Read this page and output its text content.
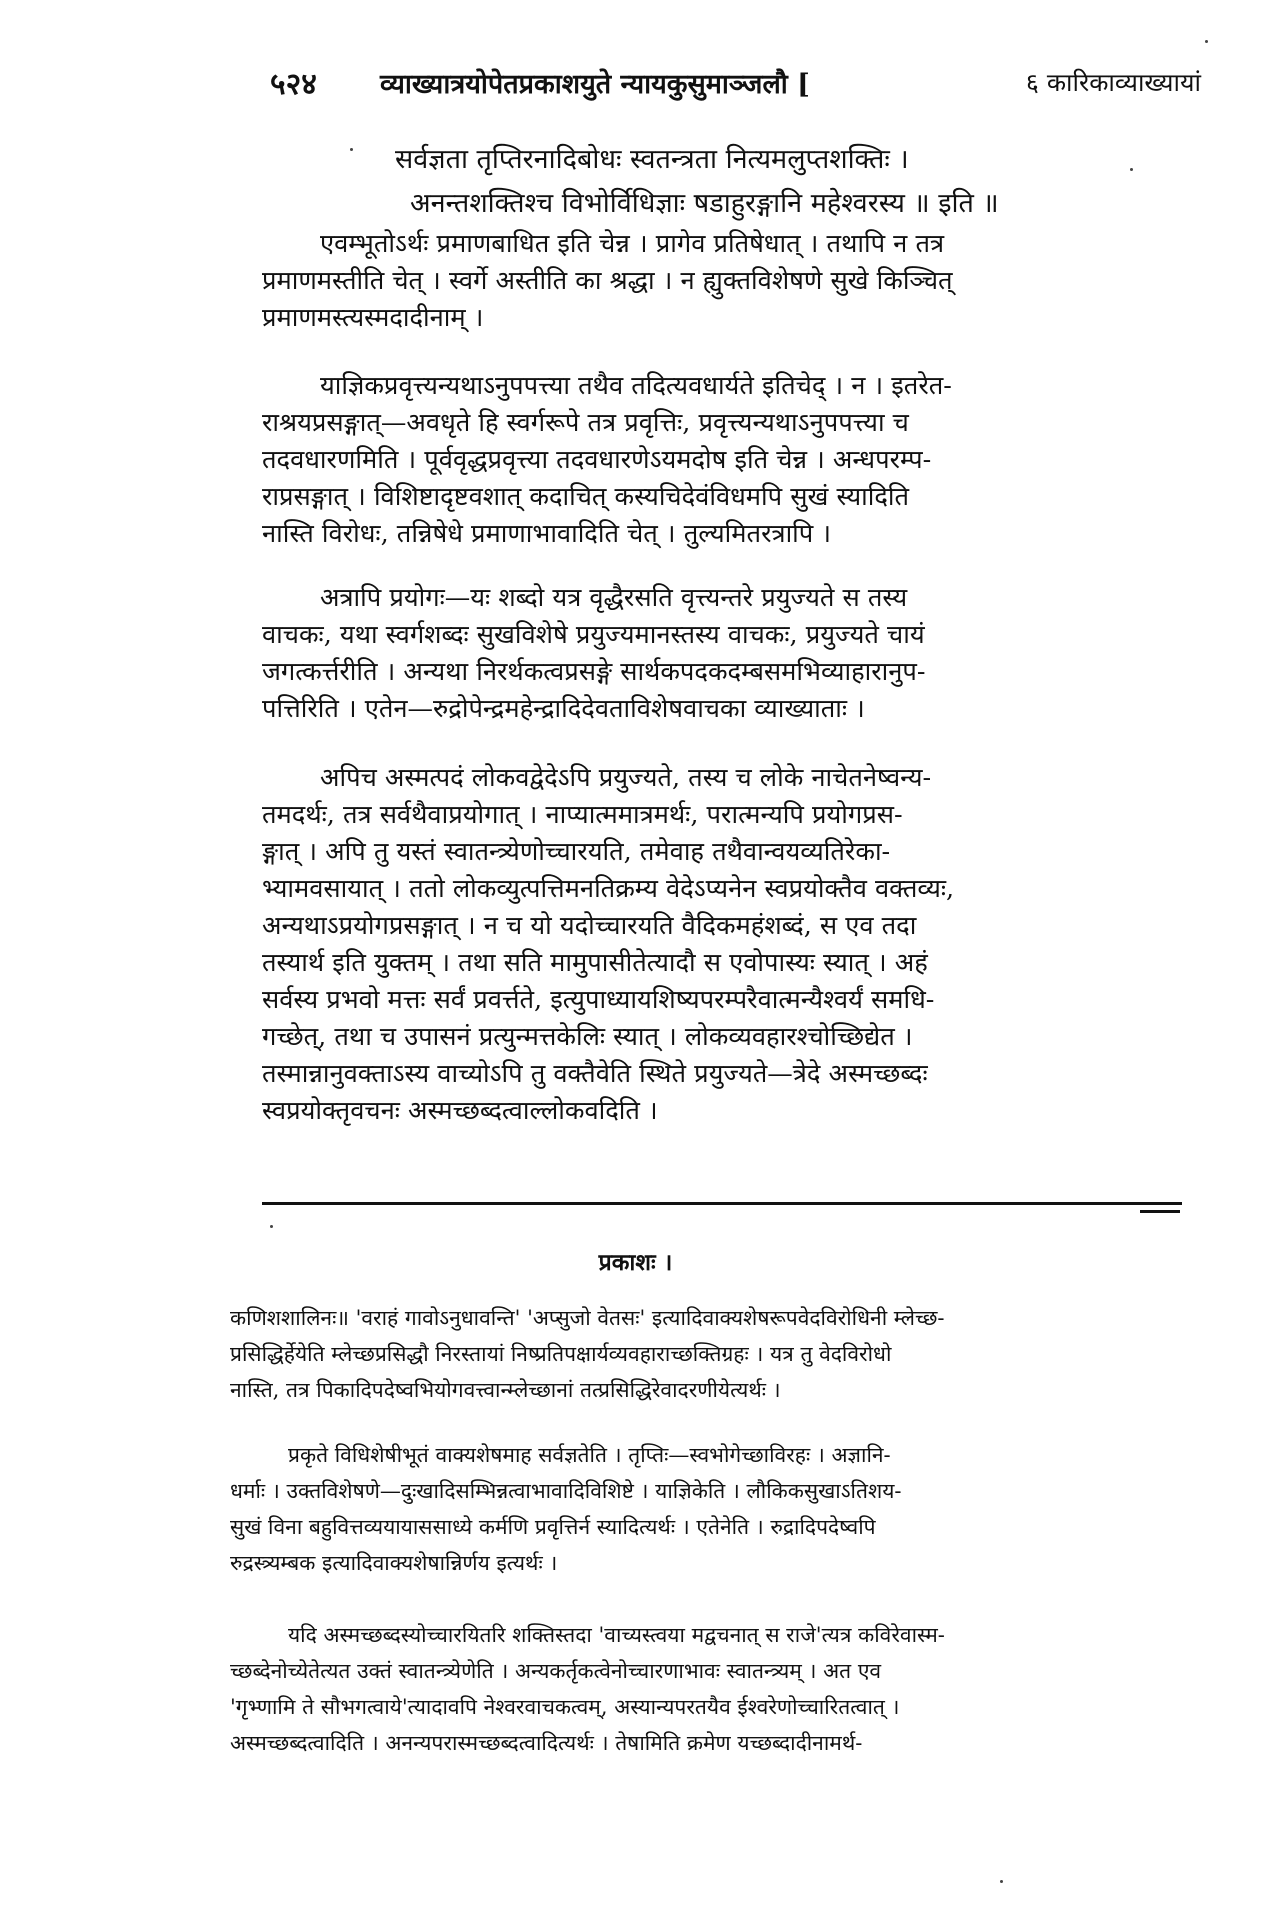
५२४	व्याख्यात्रयोपेतप्रकाशयुते न्यायकुसुमाञ्जलौ [	६ कारिकाव्याख्यायां
सर्वज्ञता तृप्तिरनादिबोधः स्वतन्त्रता नित्यमलुप्तशक्तिः ।
अनन्तशक्तिश्च विभोर्विधिज्ञाः षडाहुरङ्गानि महेश्वरस्य ॥ इति ॥
एवम्भूतोऽर्थः प्रमाणबाधित इति चेन्न । प्रागेव प्रतिषेधात् । तथापि न तत्र
प्रमाणमस्तीति चेत् । स्वर्गे अस्तीति का श्रद्धा । न ह्युक्तविशेषणे सुखे किञ्चित्
प्रमाणमस्त्यस्मदादीनाम् ।
याज्ञिकप्रवृत्त्यन्यथाऽनुपपत्त्या तथैव तदित्यवधार्यते इतिचेद् । न । इतरेत-
राश्रयप्रसङ्गात्—अवधृते हि स्वर्गरूपे तत्र प्रवृत्तिः, प्रवृत्त्यन्यथाऽनुपपत्त्या च
तदवधारणमिति । पूर्ववृद्धप्रवृत्त्या तदवधारणेऽयमदोष इति चेन्न । अन्धपरम्प-
राप्रसङ्गात् । विशिष्टादृष्टवशात् कदाचित् कस्यचिदेवंविधमपि सुखं स्यादिति
नास्ति विरोधः, तन्निषेधे प्रमाणाभावादिति चेत् । तुल्यमितरत्रापि ।
अत्रापि प्रयोगः—यः शब्दो यत्र वृद्धैरसति वृत्त्यन्तरे प्रयुज्यते स तस्य
वाचकः, यथा स्वर्गशब्दः सुखविशेषे प्रयुज्यमानस्तस्य वाचकः, प्रयुज्यते चायं
जगत्कर्त्तरीति । अन्यथा निरर्थकत्वप्रसङ्गे सार्थकपदकदम्बसमभिव्याहारानुप-
पत्तिरिति । एतेन—रुद्रोपेन्द्रमहेन्द्रादिदेवताविशेषवाचका व्याख्याताः ।
अपिच अस्मत्पदं लोकवद्वेदेऽपि प्रयुज्यते, तस्य च लोके नाचेतनेष्वन्य-
तमदर्थः, तत्र सर्वथैवाप्रयोगात् । नाप्यात्ममात्रमर्थः, परात्मन्यपि प्रयोगप्रस-
ङ्गात् । अपि तु यस्तं स्वातन्त्र्येणोच्चारयति, तमेवाह तथैवान्वयव्यतिरेका-
भ्यामवसायात् । ततो लोकव्युत्पत्तिमनतिक्रम्य वेदेऽप्यनेन स्वप्रयोक्तैव वक्तव्यः,
अन्यथाऽप्रयोगप्रसङ्गात् । न च यो यदोच्चारयति वैदिकमहंशब्दं, स एव तदा
तस्यार्थ इति युक्तम् । तथा सति मामुपासीतेत्यादौ स एवोपास्यः स्यात् । अहं
सर्वस्य प्रभवो मत्तः सर्वं प्रवर्त्तते, इत्युपाध्यायशिष्यपरम्परैवात्मन्यैश्वर्यं समधि-
गच्छेत्, तथा च उपासनं प्रत्युन्मत्तकेलिः स्यात् । लोकव्यवहारश्चोच्छिद्येत ।
तस्मान्नानुवक्ताऽस्य वाच्योऽपि तु वक्तैवेति स्थिते प्रयुज्यते—त्रेदे अस्मच्छब्दः
स्वप्रयोक्तृवचनः अस्मच्छब्दत्वाल्लोकवदिति ।
प्रकाशः ।
कणिशशालिनः॥ 'वराहं गावोऽनुधावन्ति' 'अप्सुजो वेतसः' इत्यादिवाक्यशेषरूपवेदविरोधिनी म्लेच्छ-
प्रसिद्धिर्हेयेति म्लेच्छप्रसिद्धौ निरस्तायां निष्प्रतिपक्षार्यव्यवहाराच्छक्तिग्रहः । यत्र तु वेदविरोधो
नास्ति, तत्र पिकादिपदेष्वभियोगवत्त्वान्म्लेच्छानां तत्प्रसिद्धिरेवादरणीयेत्यर्थः ।
प्रकृते विधिशेषीभूतं वाक्यशेषमाह सर्वज्ञतेति । तृप्तिः—स्वभोगेच्छाविरहः । अज्ञानि-
धर्माः । उक्तविशेषणे—दुःखादिसम्भिन्नत्वाभावादिविशिष्टे । याज्ञिकेति । लौकिकसुखाऽतिशय-
सुखं विना बहुवित्तव्ययायाससाध्ये कर्मणि प्रवृत्तिर्न स्यादित्यर्थः । एतेनेति । रुद्रादिपदेष्वपि
रुद्रस्त्र्यम्बक इत्यादिवाक्यशेषान्निर्णय इत्यर्थः ।
यदि अस्मच्छब्दस्योच्चारयितरि शक्तिस्तदा 'वाच्यस्त्वया मद्वचनात् स राजे'त्यत्र कविरेवास्म-
च्छब्देनोच्येतेत्यत उक्तं स्वातन्त्र्येणेति । अन्यकर्तृकत्वेनोच्चारणाभावः स्वातन्त्र्यम् । अत एव
'गृभ्णामि ते सौभगत्वाये'त्यादावपि नेश्वरवाचकत्वम्, अस्यान्यपरतयैव ईश्वरेणोच्चारितत्वात् ।
अस्मच्छब्दत्वादिति । अनन्यपरास्मच्छब्दत्वादित्यर्थः । तेषामिति क्रमेण यच्छब्दादीनामर्थ-
